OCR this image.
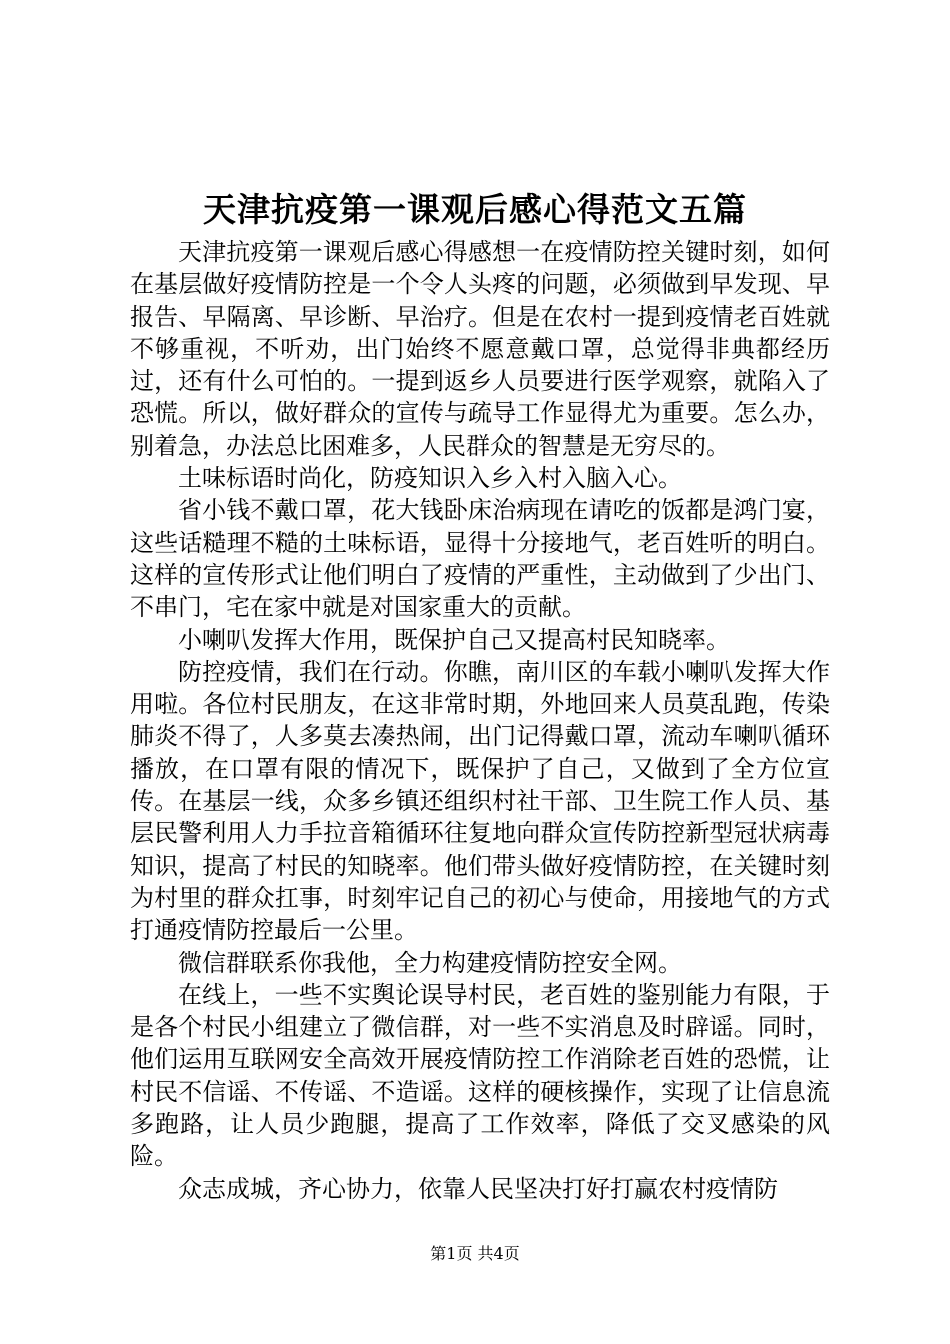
天津抗疫第一课观后感心得范文五篇

天津抗疫第一课观后感心得感想一在疫情防控关键时刻，如何在基层做好疫情防控是一个令人头疼的问题，必须做到早发现、早报告、早隔离、早诊断、早治疗。但是在农村一提到疫情老百姓就不够重视，不听劝，出门始终不愿意戴口罩，总觉得非典都经历过，还有什么可怕的。一提到返乡人员要进行医学观察，就陷入了恐慌。所以，做好群众的宣传与疏导工作显得尤为重要。怎么办，别着急，办法总比困难多，人民群众的智慧是无穷尽的。

土味标语时尚化，防疫知识入乡入村入脑入心。

省小钱不戴口罩，花大钱卧床治病现在请吃的饭都是鸿门宴，这些话糙理不糙的土味标语，显得十分接地气，老百姓听的明白。这样的宣传形式让他们明白了疫情的严重性，主动做到了少出门、不串门，宅在家中就是对国家重大的贡献。

小喇叭发挥大作用，既保护自己又提高村民知晓率。

防控疫情，我们在行动。你瞧，南川区的车载小喇叭发挥大作用啦。各位村民朋友，在这非常时期，外地回来人员莫乱跑，传染肺炎不得了，人多莫去凑热闹，出门记得戴口罩，流动车喇叭循环播放，在口罩有限的情况下，既保护了自己，又做到了全方位宣传。在基层一线，众多乡镇还组织村社干部、卫生院工作人员、基层民警利用人力手拉音箱循环往复地向群众宣传防控新型冠状病毒知识，提高了村民的知晓率。他们带头做好疫情防控，在关键时刻为村里的群众扛事，时刻牢记自己的初心与使命，用接地气的方式打通疫情防控最后一公里。

微信群联系你我他，全力构建疫情防控安全网。

在线上，一些不实舆论误导村民，老百姓的鉴别能力有限，于是各个村民小组建立了微信群，对一些不实消息及时辟谣。同时，他们运用互联网安全高效开展疫情防控工作消除老百姓的恐慌，让村民不信谣、不传谣、不造谣。这样的硬核操作，实现了让信息流多跑路，让人员少跑腿，提高了工作效率，降低了交叉感染的风险。

众志成城，齐心协力，依靠人民坚决打好打赢农村疫情防

第1页 共4页
